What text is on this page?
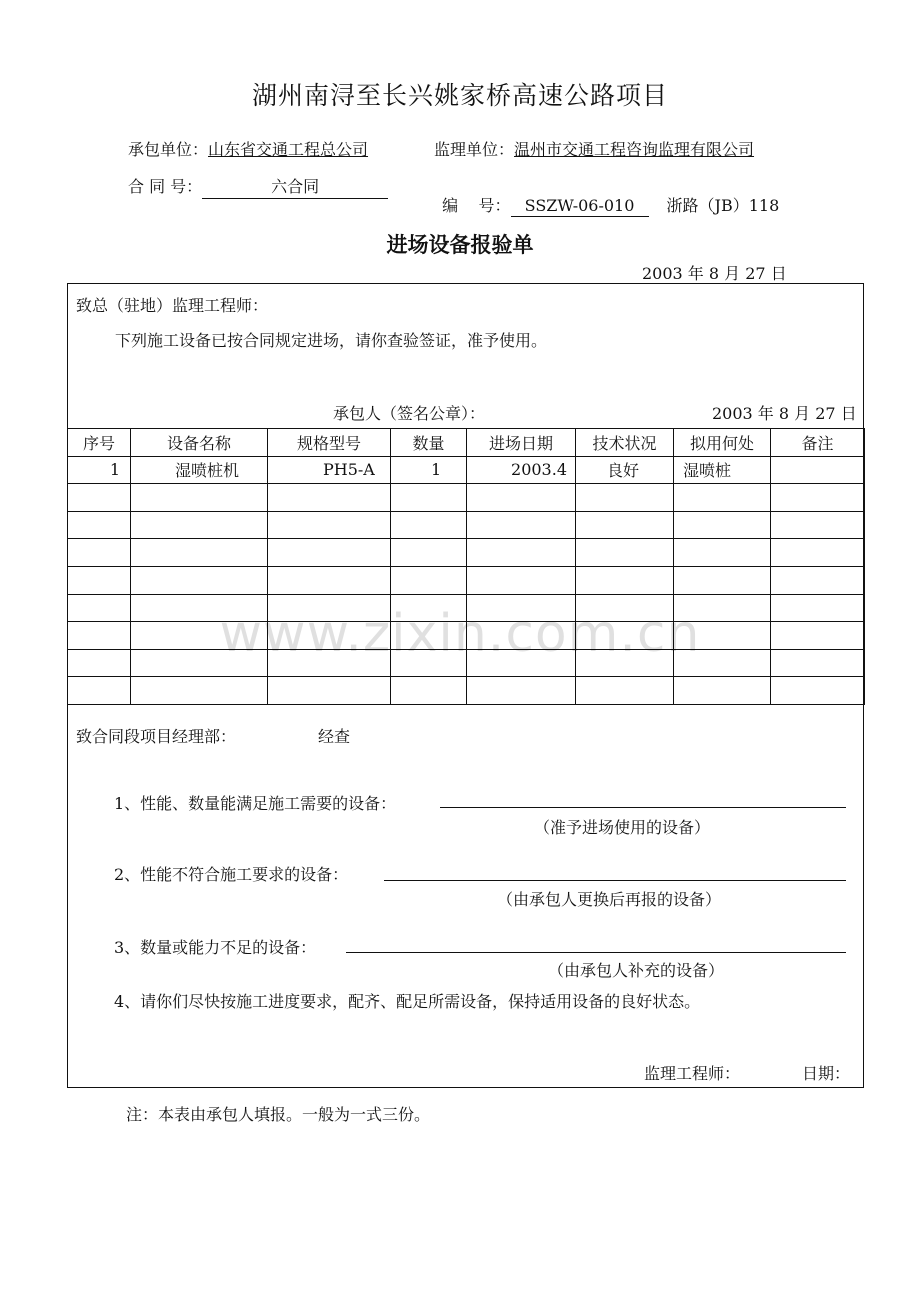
湖州南浔至长兴姚家桥高速公路项目
承包单位：山东省交通工程总公司	监理单位：温州市交通工程咨询监理有限公司
合 同 号：	六合同

编    号： SSZW-06-010 浙路（JB）118

进场设备报验单
2003 年 8 月 27 日
致总（驻地）监理工程师：
下列施工设备已按合同规定进场，请你查验签证，准予使用。
承包人（签名公章）：	2003 年 8 月 27 日
序号	设备名称	规格型号	数量	进场日期	技术状况	拟用何处	备注
1	湿喷桩机	PH5-A	1	2003.4	良好	湿喷桩	

www.zixin.com.cn
致合同段项目经理部：	经查
1、性能、数量能满足施工需要的设备：
（准予进场使用的设备）
2、性能不符合施工要求的设备：
（由承包人更换后再报的设备）
3、数量或能力不足的设备：
（由承包人补充的设备）
4、请你们尽快按施工进度要求，配齐、配足所需设备，保持适用设备的良好状态。
监理工程师：	日期：
注：本表由承包人填报。一般为一式三份。
